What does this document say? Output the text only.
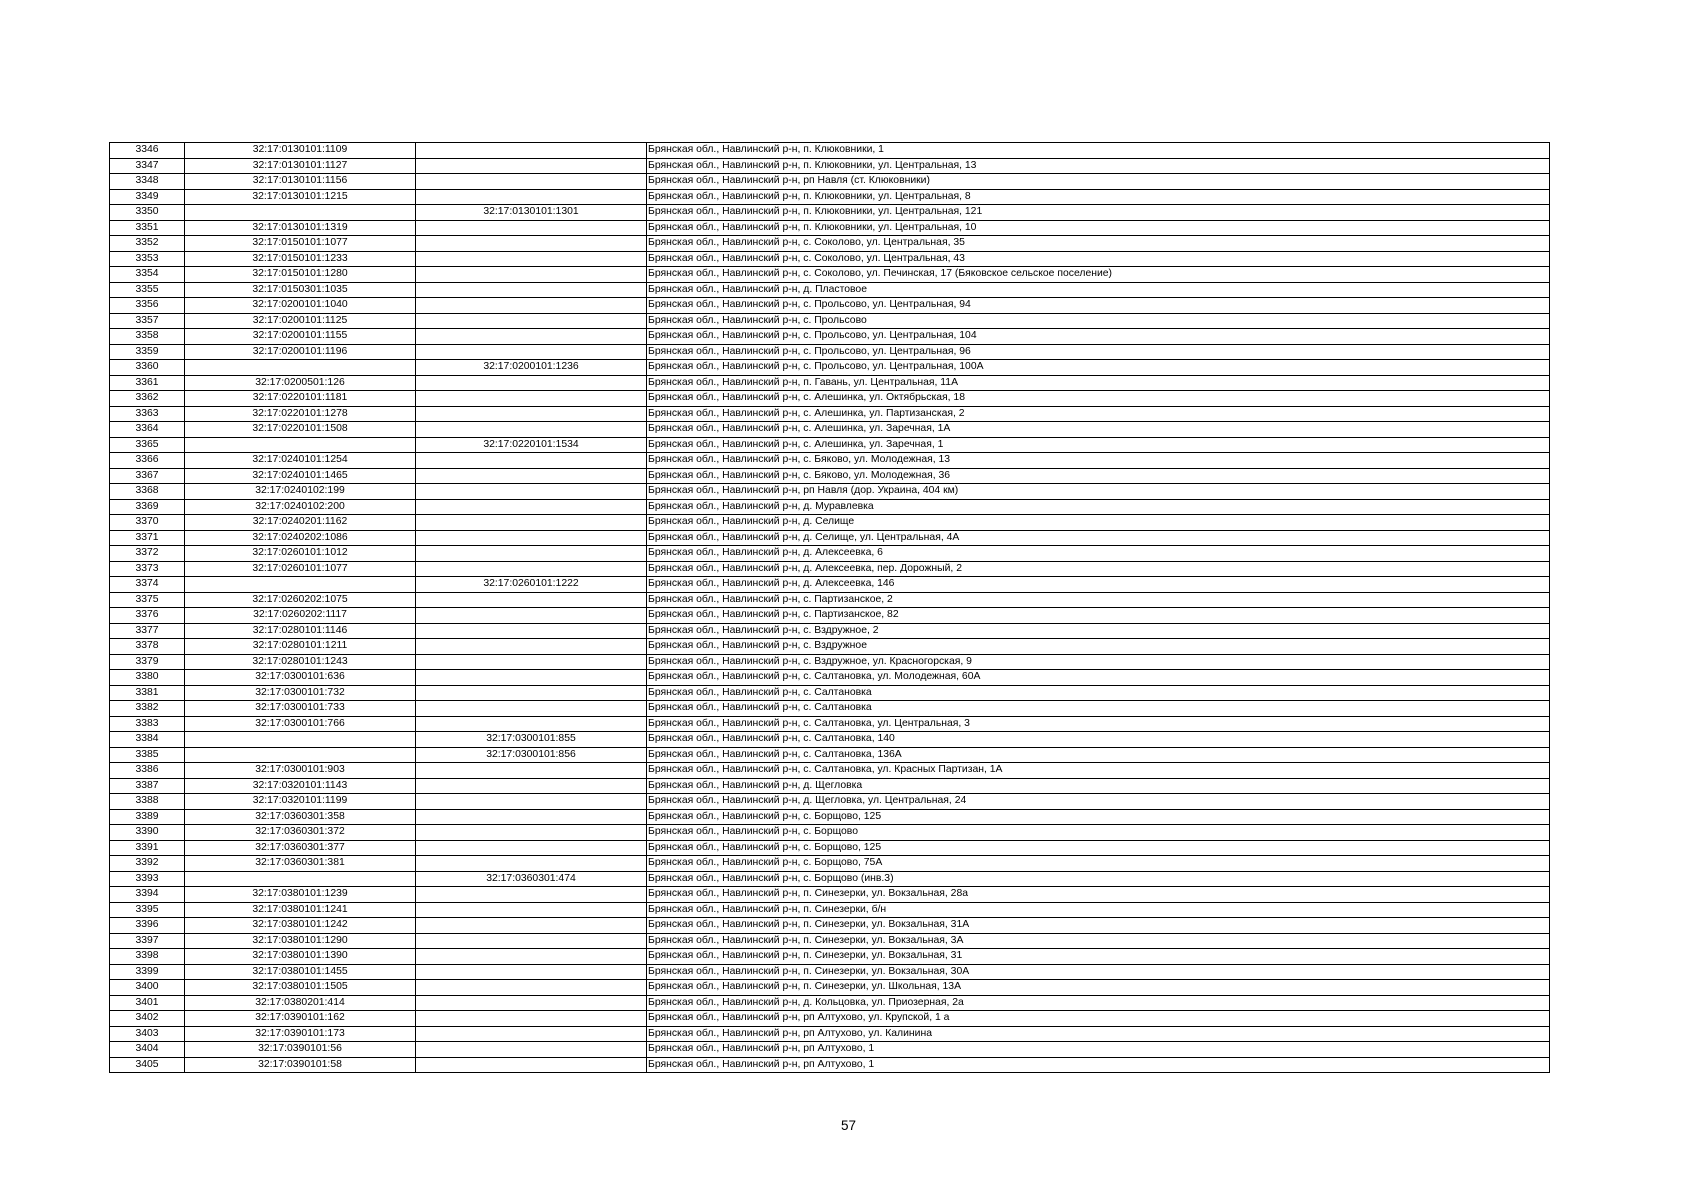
3346	32:17:0130101:1109		Брянская обл., Навлинский р-н, п. Клюковники, 1
3347	32:17:0130101:1127		Брянская обл., Навлинский р-н, п. Клюковники, ул. Центральная, 13
3348	32:17:0130101:1156		Брянская обл., Навлинский р-н, рп Навля (ст. Клюковники)
3349	32:17:0130101:1215		Брянская обл., Навлинский р-н, п. Клюковники, ул. Центральная, 8
3350		32:17:0130101:1301	Брянская обл., Навлинский р-н, п. Клюковники, ул. Центральная, 121
3351	32:17:0130101:1319		Брянская обл., Навлинский р-н, п. Клюковники, ул. Центральная, 10
3352	32:17:0150101:1077		Брянская обл., Навлинский р-н, с. Соколово, ул. Центральная, 35
3353	32:17:0150101:1233		Брянская обл., Навлинский р-н, с. Соколово, ул. Центральная, 43
3354	32:17:0150101:1280		Брянская обл., Навлинский р-н, с. Соколово, ул. Печинская, 17 (Бяковское сельское поселение)
3355	32:17:0150301:1035		Брянская обл., Навлинский р-н, д. Пластовое
3356	32:17:0200101:1040		Брянская обл., Навлинский р-н, с. Прольсово, ул. Центральная, 94
3357	32:17:0200101:1125		Брянская обл., Навлинский р-н, с. Прольсово
3358	32:17:0200101:1155		Брянская обл., Навлинский р-н, с. Прольсово, ул. Центральная, 104
3359	32:17:0200101:1196		Брянская обл., Навлинский р-н, с. Прольсово, ул. Центральная, 96
3360		32:17:0200101:1236	Брянская обл., Навлинский р-н, с. Прольсово, ул. Центральная, 100А
3361	32:17:0200501:126		Брянская обл., Навлинский р-н, п. Гавань, ул. Центральная, 11А
3362	32:17:0220101:1181		Брянская обл., Навлинский р-н, с. Алешинка, ул. Октябрьская, 18
3363	32:17:0220101:1278		Брянская обл., Навлинский р-н, с. Алешинка, ул. Партизанская, 2
3364	32:17:0220101:1508		Брянская обл., Навлинский р-н, с. Алешинка, ул. Заречная, 1А
3365		32:17:0220101:1534	Брянская обл., Навлинский р-н, с. Алешинка, ул. Заречная, 1
3366	32:17:0240101:1254		Брянская обл., Навлинский р-н, с. Бяково, ул. Молодежная, 13
3367	32:17:0240101:1465		Брянская обл., Навлинский р-н, с. Бяково, ул. Молодежная, 36
3368	32:17:0240102:199		Брянская обл., Навлинский р-н, рп Навля (дор. Украина, 404 км)
3369	32:17:0240102:200		Брянская обл., Навлинский р-н, д. Муравлевка
3370	32:17:0240201:1162		Брянская обл., Навлинский р-н, д. Селище
3371	32:17:0240202:1086		Брянская обл., Навлинский р-н, д. Селище, ул. Центральная, 4А
3372	32:17:0260101:1012		Брянская обл., Навлинский р-н, д. Алексеевка, 6
3373	32:17:0260101:1077		Брянская обл., Навлинский р-н, д. Алексеевка, пер. Дорожный, 2
3374		32:17:0260101:1222	Брянская обл., Навлинский р-н, д. Алексеевка, 146
3375	32:17:0260202:1075		Брянская обл., Навлинский р-н, с. Партизанское, 2
3376	32:17:0260202:1117		Брянская обл., Навлинский р-н, с. Партизанское, 82
3377	32:17:0280101:1146		Брянская обл., Навлинский р-н, с. Вздружное, 2
3378	32:17:0280101:1211		Брянская обл., Навлинский р-н, с. Вздружное
3379	32:17:0280101:1243		Брянская обл., Навлинский р-н, с. Вздружное, ул. Красногорская, 9
3380	32:17:0300101:636		Брянская обл., Навлинский р-н, с. Салтановка, ул. Молодежная, 60А
3381	32:17:0300101:732		Брянская обл., Навлинский р-н, с. Салтановка
3382	32:17:0300101:733		Брянская обл., Навлинский р-н, с. Салтановка
3383	32:17:0300101:766		Брянская обл., Навлинский р-н, с. Салтановка, ул. Центральная, 3
3384		32:17:0300101:855	Брянская обл., Навлинский р-н, с. Салтановка, 140
3385		32:17:0300101:856	Брянская обл., Навлинский р-н, с. Салтановка, 136А
3386	32:17:0300101:903		Брянская обл., Навлинский р-н, с. Салтановка, ул. Красных Партизан, 1А
3387	32:17:0320101:1143		Брянская обл., Навлинский р-н, д. Щегловка
3388	32:17:0320101:1199		Брянская обл., Навлинский р-н, д. Щегловка, ул. Центральная, 24
3389	32:17:0360301:358		Брянская обл., Навлинский р-н, с. Борщово, 125
3390	32:17:0360301:372		Брянская обл., Навлинский р-н, с. Борщово
3391	32:17:0360301:377		Брянская обл., Навлинский р-н, с. Борщово, 125
3392	32:17:0360301:381		Брянская обл., Навлинский р-н, с. Борщово, 75А
3393		32:17:0360301:474	Брянская обл., Навлинский р-н, с. Борщово (инв.3)
3394	32:17:0380101:1239		Брянская обл., Навлинский р-н, п. Синезерки, ул. Вокзальная, 28а
3395	32:17:0380101:1241		Брянская обл., Навлинский р-н, п. Синезерки, б/н
3396	32:17:0380101:1242		Брянская обл., Навлинский р-н, п. Синезерки, ул. Вокзальная, 31А
3397	32:17:0380101:1290		Брянская обл., Навлинский р-н, п. Синезерки, ул. Вокзальная, 3А
3398	32:17:0380101:1390		Брянская обл., Навлинский р-н, п. Синезерки, ул. Вокзальная, 31
3399	32:17:0380101:1455		Брянская обл., Навлинский р-н, п. Синезерки, ул. Вокзальная, 30А
3400	32:17:0380101:1505		Брянская обл., Навлинский р-н, п. Синезерки, ул. Школьная, 13А
3401	32:17:0380201:414		Брянская обл., Навлинский р-н, д. Кольцовка, ул. Приозерная, 2а
3402	32:17:0390101:162		Брянская обл., Навлинский р-н, рп Алтухово, ул. Крупской, 1 а
3403	32:17:0390101:173		Брянская обл., Навлинский р-н, рп Алтухово, ул. Калинина
3404	32:17:0390101:56		Брянская обл., Навлинский р-н, рп Алтухово, 1
3405	32:17:0390101:58		Брянская обл., Навлинский р-н, рп Алтухово, 1
57
